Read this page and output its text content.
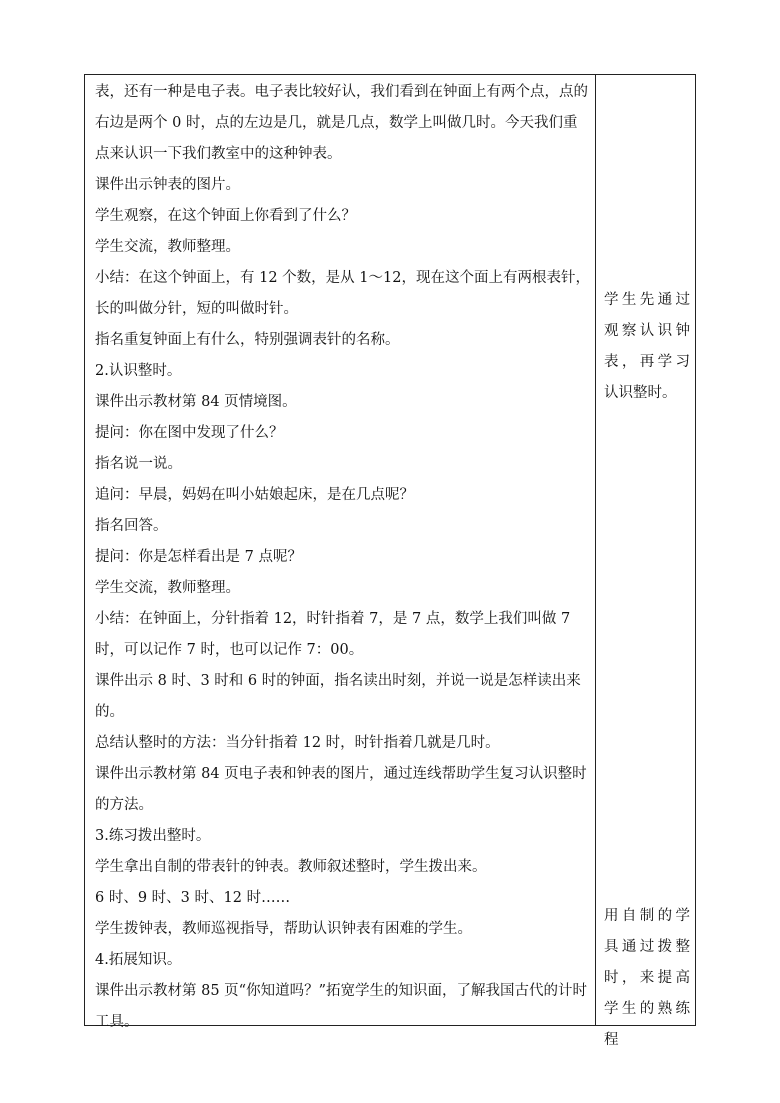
表，还有一种是电子表。电子表比较好认，我们看到在钟面上有两个点，点的右边是两个 0 时，点的左边是几，就是几点，数学上叫做几时。今天我们重点来认识一下我们教室中的这种钟表。

课件出示钟表的图片。

学生观察，在这个钟面上你看到了什么？

学生交流，教师整理。

小结：在这个钟面上，有 12 个数，是从 1～12，现在这个面上有两根表针，长的叫做分针，短的叫做时针。

指名重复钟面上有什么，特别强调表针的名称。

2.认识整时。

课件出示教材第 84 页情境图。

提问：你在图中发现了什么？

指名说一说。

追问：早晨，妈妈在叫小姑娘起床，是在几点呢？

指名回答。

提问：你是怎样看出是 7 点呢？

学生交流，教师整理。

小结：在钟面上，分针指着 12，时针指着 7，是 7 点，数学上我们叫做 7 时，可以记作 7 时，也可以记作 7：00。

课件出示 8 时、3 时和 6 时的钟面，指名读出时刻，并说一说是怎样读出来的。

总结认整时的方法：当分针指着 12 时，时针指着几就是几时。

课件出示教材第 84 页电子表和钟表的图片，通过连线帮助学生复习认识整时的方法。

3.练习拨出整时。

学生拿出自制的带表针的钟表。教师叙述整时，学生拨出来。

6 时、9 时、3 时、12 时……

学生拨钟表，教师巡视指导，帮助认识钟表有困难的学生。

4.拓展知识。

课件出示教材第 85 页“你知道吗？”拓宽学生的知识面，了解我国古代的计时工具。

学生先通过观察认识钟表，再学习认识整时。

用自制的学具通过拨整时，来提高学生的熟练程
